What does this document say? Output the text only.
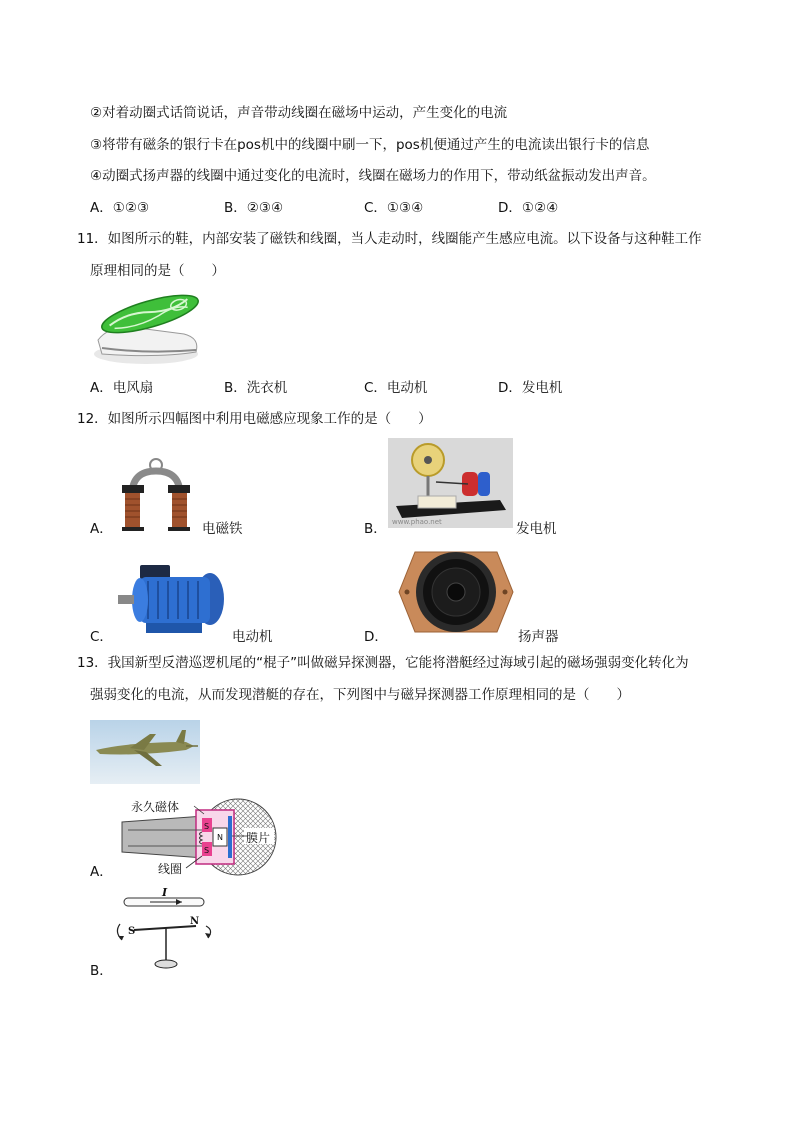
②对着动圈式话筒说话，声音带动线圈在磁场中运动，产生变化的电流
③将带有磁条的银行卡在pos机中的线圈中刷一下，pos机便通过产生的电流读出银行卡的信息
④动圈式扬声器的线圈中通过变化的电流时，线圈在磁场力的作用下，带动纸盆振动发出声音。
A．①②③	B．②③④	C．①③④	D．①②④
11．如图所示的鞋，内部安装了磁铁和线圈，当人走动时，线圈能产生感应电流。以下设备与这种鞋工作
原理相同的是（　　）
A．电风扇	B．洗衣机	C．电动机	D．发电机
12．如图所示四幅图中利用电磁感应现象工作的是（　　）
A．	电磁铁	B． www.phao.net	发电机
C．	电动机	D．	扬声器
13．我国新型反潜巡逻机尾的“棍子”叫做磁异探测器，它能将潜艇经过海域引起的磁场强弱变化转化为
强弱变化的电流，从而发现潜艇的存在，下列图中与磁异探测器工作原理相同的是（　　）
S
N
S
永久磁体
膜片
线圈
A．
I
S
N
B．
